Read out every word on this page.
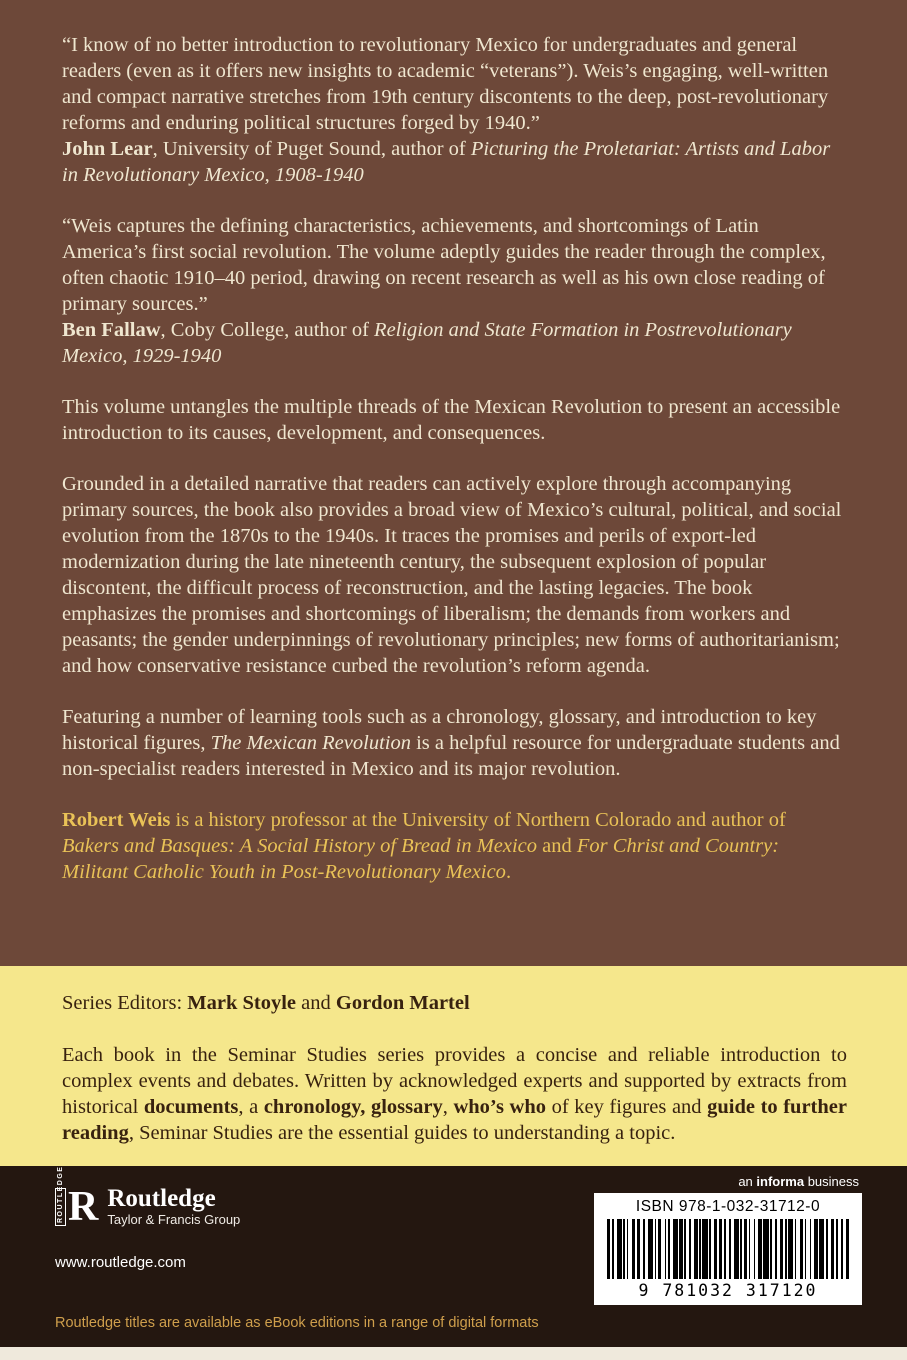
“I know of no better introduction to revolutionary Mexico for undergraduates and general readers (even as it offers new insights to academic “veterans”). Weis’s engaging, well-written and compact narrative stretches from 19th century discontents to the deep, post-revolutionary reforms and enduring political structures forged by 1940.”

John Lear, University of Puget Sound, author of Picturing the Proletariat: Artists and Labor in Revolutionary Mexico, 1908-1940

“Weis captures the defining characteristics, achievements, and shortcomings of Latin America’s first social revolution. The volume adeptly guides the reader through the complex, often chaotic 1910–40 period, drawing on recent research as well as his own close reading of primary sources.”

Ben Fallaw, Coby College, author of Religion and State Formation in Postrevolutionary Mexico, 1929-1940

This volume untangles the multiple threads of the Mexican Revolution to present an accessible introduction to its causes, development, and consequences.

Grounded in a detailed narrative that readers can actively explore through accompanying primary sources, the book also provides a broad view of Mexico’s cultural, political, and social evolution from the 1870s to the 1940s. It traces the promises and perils of export-led modernization during the late nineteenth century, the subsequent explosion of popular discontent, the difficult process of reconstruction, and the lasting legacies. The book emphasizes the promises and shortcomings of liberalism; the demands from workers and peasants; the gender underpinnings of revolutionary principles; new forms of authoritarianism; and how conservative resistance curbed the revolution’s reform agenda.

Featuring a number of learning tools such as a chronology, glossary, and introduction to key historical figures, The Mexican Revolution is a helpful resource for undergraduate students and non-specialist readers interested in Mexico and its major revolution.

Robert Weis is a history professor at the University of Northern Colorado and author of Bakers and Basques: A Social History of Bread in Mexico and For Christ and Country: Militant Catholic Youth in Post-Revolutionary Mexico.

Series Editors: Mark Stoyle and Gordon Martel

Each book in the Seminar Studies series provides a concise and reliable introduction to complex events and debates. Written by acknowledged experts and supported by extracts from historical documents, a chronology, glossary, who’s who of key figures and guide to further reading, Seminar Studies are the essential guides to understanding a topic.

ROUTLEDGE R Routledge
Taylor & Francis Group
www.routledge.com
Routledge titles are available as eBook editions in a range of digital formats
an informa business
ISBN 978-1-032-31712-0
9 781032 317120
